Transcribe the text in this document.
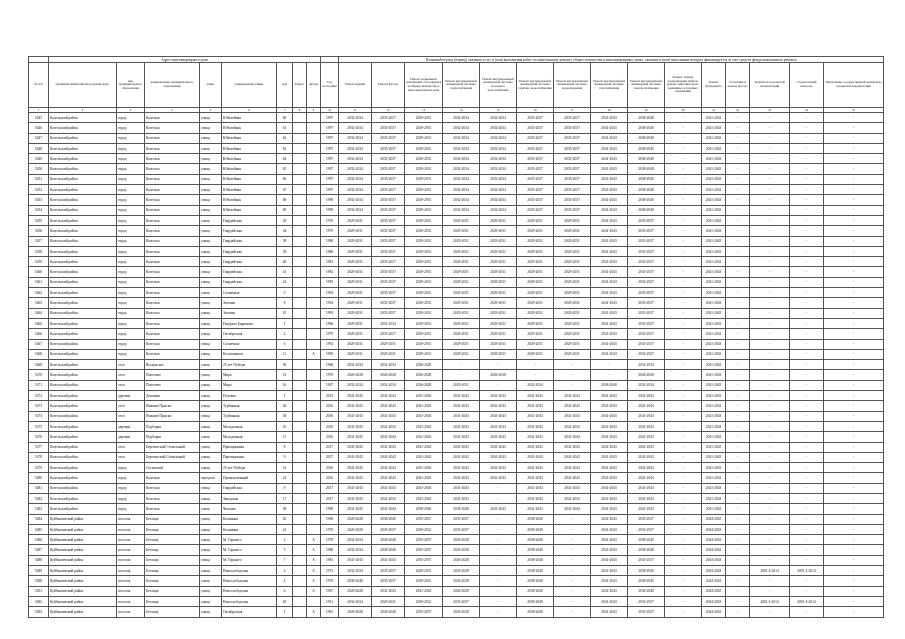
	Адрес многоквартирного дома									Плановый период (период) оказания услуг и (или) выполнения работ по капитальному ремонту общего имущества в многоквартирных домах, оказание и (или) выполнение которых финансируется за счет средств фонда капитального ремонта														
№ п/п	муниципальный район/городской округ	вид муниципального образования	наименование муниципального образования	улица	наименование улицы	дом	корпус	литера	Год постройки	Ремонт крыши	Ремонт фасада	Ремонт подвальных помещений, относящихся к общему имуществу в многоквартирном доме	Ремонт внутридомовой инженерной системы теплоснабжения	Ремонт внутридомовой инженерной системы холодного водоснабжения	Ремонт внутридомовой инженерной системы горячего водоснабжения	Ремонт внутридомовой инженерной системы водоотведения	Ремонт внутридомовой инженерной системы газоснабжения	Ремонт внутридомовой инженерной системы электроснабжения	Ремонт, замена, модернизация лифтов, ремонт лифтовых шахт, машинных и блочных помещений	Ремонт фундамента	Утепление и ремонт фасада	Разработка проектной документации	Строительный контроль	Проведение государственной экспертизы проектной документации
1	2	3	4	5	6	7	8	9	10	11	12	13	14	15	16	17	18	19	20	21	22	23	24	25
5445	Козельский район	город	Козельск	улица	Юбилейная	60			1997	2032-2034	2035-2037	2029-2031	2032-2034	2032-2034	2035-2037	2035-2037	2041-2043	2038-2040	-	2041-2043	-	-	-	-
5446	Козельский район	город	Козельск	улица	Юбилейная	61			1997	2032-2034	2035-2037	2029-2031	2032-2034	2032-2034	2035-2037	2035-2037	2041-2043	2038-2040	-	2041-2043	-	-	-	-
5447	Козельский район	город	Козельск	улица	Юбилейная	62			1997	2032-2034	2035-2037	2029-2031	2032-2034	2032-2034	2035-2037	2035-2037	2041-2043	2038-2040	-	2041-2043	-	-	-	-
5448	Козельский район	город	Козельск	улица	Юбилейная	63			1997	2032-2034	2035-2037	2029-2031	2032-2034	2032-2034	2035-2037	2035-2037	2041-2043	2038-2040	-	2041-2043	-	-	-	-
5449	Козельский район	город	Козельск	улица	Юбилейная	64			1997	2032-2034	2035-2037	2029-2031	2032-2034	2032-2034	2035-2037	2035-2037	2041-2043	2038-2040	-	2041-2043	-	-	-	-
5450	Козельский район	город	Козельск	улица	Юбилейная	65			1997	2032-2034	2035-2037	2029-2031	2032-2034	2032-2034	2035-2037	2035-2037	2041-2043	2038-2040	-	2041-2043	-	-	-	-
5451	Козельский район	город	Козельск	улица	Юбилейная	66			1997	2032-2034	2035-2037	2029-2031	2032-2034	2032-2034	2035-2037	2035-2037	2041-2043	2038-2040	-	2041-2043	-	-	-	-
5452	Козельский район	город	Козельск	улица	Юбилейная	67			1997	2032-2034	2035-2037	2029-2031	2032-2034	2032-2034	2035-2037	2035-2037	2041-2043	2038-2040	-	2041-2043	-	-	-	-
5453	Козельский район	город	Козельск	улица	Юбилейная	68			1998	2032-2034	2035-2037	2029-2031	2032-2034	2032-2034	2035-2037	2035-2037	2041-2043	2038-2040	-	2041-2043	-	-	-	-
5454	Козельский район	город	Козельск	улица	Юбилейная	69			1999	2032-2034	2035-2037	2029-2031	2032-2034	2032-2034	2035-2037	2035-2037	2041-2043	2038-2040	-	2041-2043	-	-	-	-
5455	Козельский район	город	Козельск	улица	Гвардейская	29			1976	2029-2031	2035-2037	2029-2031	2029-2031	2029-2031	2029-2031	2029-2031	2041-2043	2035-2037	-	2041-2043	-	-	-	-
5456	Козельский район	город	Козельск	улица	Гвардейская	34			1979	2029-2031	2035-2037	2029-2031	2029-2031	2029-2031	2029-2031	2029-2031	2041-2043	2035-2037	-	2041-2043	-	-	-	-
5457	Козельский район	город	Козельск	улица	Гвардейская	38			1980	2029-2031	2035-2037	2029-2031	2029-2031	2029-2031	2029-2031	2029-2031	2041-2043	2035-2037	-	2041-2043	-	-	-	-
5458	Козельский район	город	Козельск	улица	Гвардейская	39			1980	2029-2031	2035-2037	2029-2031	2029-2031	2029-2031	2029-2031	2029-2031	2041-2043	2035-2037	-	2041-2043	-	-	-	-
5459	Козельский район	город	Козельск	улица	Гвардейская	40			1981	2029-2031	2035-2037	2029-2031	2029-2031	2029-2031	2029-2031	2029-2031	2041-2043	2035-2037	-	2041-2043	-	-	-	-
5460	Козельский район	город	Козельск	улица	Гвардейская	41			1982	2029-2031	2035-2037	2029-2031	2029-2031	2029-2031	2029-2031	2029-2031	2041-2043	2035-2037	-	2041-2043	-	-	-	-
5461	Козельский район	город	Козельск	улица	Гвардейская	42			1983	2029-2031	2035-2037	2029-2031	2029-2031	2029-2031	2029-2031	2029-2031	2041-2043	2035-2037	-	2041-2043	-	-	-	-
5462	Козельский район	город	Козельск	улица	Солнечная	5			1994	2029-2031	2035-2037	2029-2031	2029-2031	2029-2031	2029-2031	2029-2031	2041-2043	2035-2037	-	2041-2043	-	-	-	-
5463	Козельский район	город	Козельск	улица	Зеленая	8			1994	2029-2031	2035-2037	2029-2031	2029-2031	2029-2031	2029-2031	2029-2031	2041-2043	2035-2037	-	2041-2043	-	-	-	-
5464	Козельский район	город	Козельск	улица	Зеленая	10			1995	2029-2031	2035-2037	2029-2031	2029-2031	2029-2031	2029-2031	2029-2031	2041-2043	2035-2037	-	2041-2043	-	-	-	-
5465	Козельский район	город	Козельск	улица	Генерала Бирюкова	1			1996	2029-2031	2032-2034	2029-2031	2029-2031	2029-2031	2029-2031	2029-2031	2041-2043	2035-2037	-	2041-2043	-	-	-	-
5466	Козельский район	город	Козельск	улица	Октябрьская	2			1979	2029-2031	2035-2037	2029-2031	2029-2031	2029-2031	2029-2031	2029-2031	2041-2043	2035-2037	-	2041-2043	-	-	-	-
5467	Козельский район	город	Козельск	улица	Солнечная	6			1992	2029-2031	2029-2031	2029-2031	2029-2031	2029-2031	2029-2031	2029-2031	2041-2043	2035-2037	-	2041-2043	-	-	-	-
5468	Козельский район	город	Козельск	улица	Космонавтов	11		А	1969	2029-2031	2029-2031	2029-2031	2029-2031	2029-2031	2029-2031	2029-2031	2041-2043	2035-2037	-	2041-2043	-	-	-	-
5469	Козельский район	село	Волконское	улица	25 лет Победы	56			1966	2032-2034	2032-2034	2026-2028	-	-	-	-	-	2032-2034	-	2041-2043	-	-	-	-
5470	Козельский район	село	Попелево	улица	Мира	12			1970	2026-2028	2026-2028	2026-2028	-	2026-2028	-	-	-	2026-2028	-	2041-2043	-	-	-	-
5471	Козельский район	село	Попелево	улица	Мира	16			1967	2032-2034	2032-2034	2026-2028	2029-2031	-	2032-2034	-	2038-2040	2032-2034	-	2041-2043	-	-	-	-
5472	Козельский район	деревня	Дешовки	улица	Полевая	1			2015	2041-2043	2041-2043	2041-2043	2041-2043	2041-2043	2041-2043	2041-2043	2041-2043	2041-2043	-	2041-2043	-	-	-	-
5473	Козельский район	село	Нижние Прыски	улица	Турбинная	36			2016	2041-2043	2041-2043	2041-2043	2041-2043	2041-2043	2041-2043	2041-2043	2041-2043	2041-2043	-	2041-2043	-	-	-	-
5474	Козельский район	село	Нижние Прыски	улица	Турбинная	38			2016	2041-2043	2041-2043	2041-2043	2041-2043	2041-2043	2041-2043	2041-2043	2041-2043	2041-2043	-	2041-2043	-	-	-	-
5475	Козельский район	деревня	Подборки	улица	Молодежная	10			2016	2041-2043	2041-2043	2041-2043	2041-2043	2041-2043	2041-2043	2041-2043	2041-2043	2041-2043	-	2041-2043	-	-	-	-
5476	Козельский район	деревня	Подборки	улица	Молодежная	11			2016	2041-2043	2041-2043	2041-2043	2041-2043	2041-2043	2041-2043	2041-2043	2041-2043	2041-2043	-	2041-2043	-	-	-	-
5477	Козельский район	село	Березичский Стекольный	улица	Приовражная	8			2017	2041-2043	2041-2043	2041-2043	2041-2043	2041-2043	2041-2043	2041-2043	2041-2043	2041-2043	-	2041-2043	-	-	-	-
5478	Козельский район	село	Березичский Стекольный	улица	Приовражная	9			2017	2041-2043	2041-2043	2041-2043	2041-2043	2041-2043	2041-2043	2041-2043	2041-2043	2041-2043	-	2041-2043	-	-	-	-
5479	Козельский район	город	Сосенский	улица	25 лет Победы	14			2016	2041-2043	2041-2043	2041-2043	2041-2043	2041-2043	2041-2043	2041-2043	2041-2043	2041-2043	-	2041-2043	-	-	-	-
5480	Козельский район	город	Козельск	переулок	Промышленный	22			2016	2041-2043	2041-2043	2041-2043	2041-2043	2041-2043	2041-2043	2041-2043	2041-2043	2041-2043	-	2041-2043	-	-	-	-
5481	Козельский район	город	Козельск	улица	Гвардейская	9			2017	2041-2043	2041-2043	2041-2043	2041-2043	-	2041-2043	2041-2043	2041-2043	2041-2043	-	2041-2043	-	-	-	-
5482	Козельский район	город	Козельск	улица	Заводская	11			2017	2041-2043	2041-2043	2041-2043	2041-2043	-	2041-2043	2041-2043	2041-2043	2041-2043	-	2041-2043	-	-	-	-
5483	Козельский район	город	Козельск	улица	Чкалова	48			1969	2041-2043	2041-2043	2038-2040	2038-2040	2041-2043	2041-2043	2041-2043	2041-2043	2041-2043	-	2041-2043	-	-	-	-
5484	Куйбышевский район	поселок	Бетлица	улица	Калинина	20			1969	2026-2028	2038-2040	2035-2037	2035-2037	-	2038-2040	-	2041-2043	2035-2037	-	2044-2043	-	-	-	-
5485	Куйбышевский район	поселок	Бетлица	улица	Калинина	22			1970	2026-2028	2035-2037	2029-2031	2035-2037	-	2038-2040	-	2041-2043	2035-2037	-	2044-2043	-	-	-	-
5486	Куйбышевский район	поселок	Бетлица	улица	М. Горького	2		А	1978	2032-2034	2038-2040	2035-2037	2026-2028	-	2038-2040	-	2041-2043	2038-2040	-	2044-2043	-	-	-	-
5487	Куйбышевский район	поселок	Бетлица	улица	М. Горького	5		А	1980	2032-2034	2038-2040	2035-2037	2026-2028	-	2038-2040	-	2041-2043	2038-2040	-	2044-2043	-	-	-	-
5488	Куйбышевский район	поселок	Бетлица	улица	М. Горького	7		А	1981	2041-2043	2041-2043	2035-2037	2026-2028	-	2038-2040	-	2041-2043	2035-2037	-	2044-2043	-	-	-	-
5489	Куйбышевский район	поселок	Бетлица	улица	Новослободская	2		А	1972	2032-2034	2035-2037	2029-2031	2026-2028	-	2038-2040	-	2041-2043	2038-2040	-	2044-2043	-	2001 4-2014	2001 4-2014	-
5490	Куйбышевский район	поселок	Бетлица	улица	Новослободская	4		А	1970	2038-2040	2035-2037	2029-2031	2026-2028	-	2038-2040	-	2041-2043	2038-2040	-	2044-2043	-	-	-	-
5491	Куйбышевский район	поселок	Бетлица	улица	Новослободская	6		А	1967	2026-2028	2041-2043	2041-2043	2026-2028	-	2038-2040	-	2041-2043	2038-2040	-	2044-2043	-	-	-	-
5492	Куйбышевский район	поселок	Бетлица	улица	Новослободская	20			1951	2032-2034	2029-2031	2029-2031	2035-2037	-	2038-2040	-	2041-2043	2035-2037	-	2044-2043	-	2001 4-2014	2001 4-2014	-
5493	Куйбышевский район	поселок	Бетлица	улица	Октябрьская	1		А	1961	2026-2028	2038-2040	2035-2037	2026-2028	-	2038-2040	-	2041-2043	2035-2037	-	2044-2043	-	-	-	-
